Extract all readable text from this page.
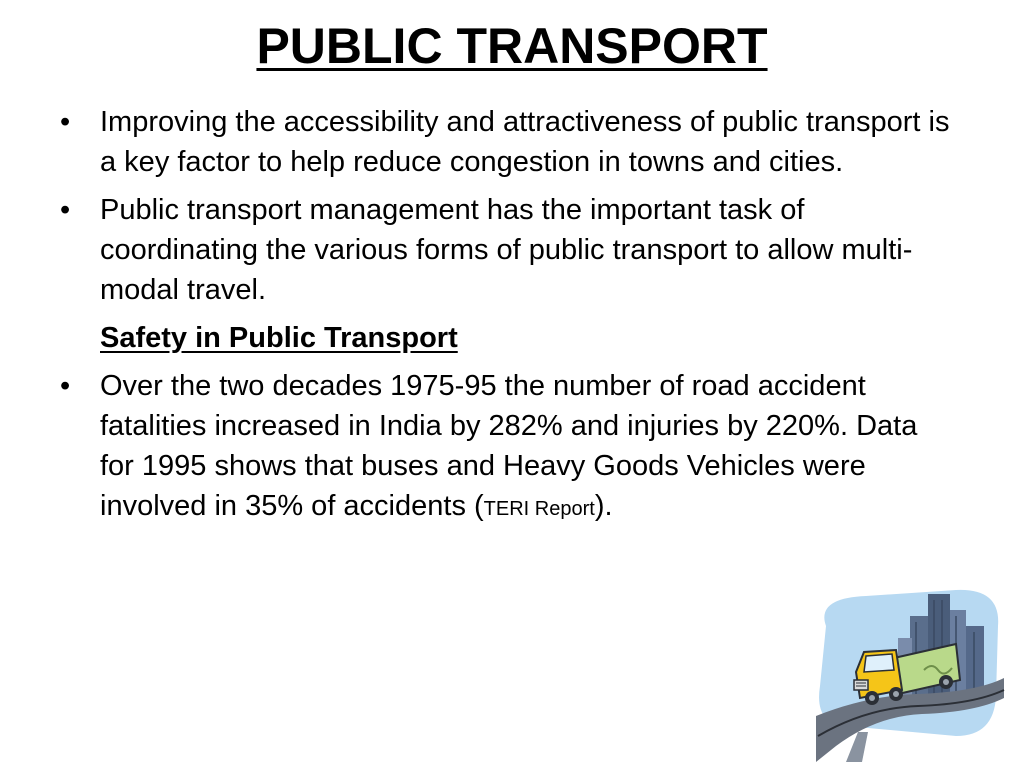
PUBLIC TRANSPORT
• Improving the accessibility and attractiveness of public transport is a key factor to help reduce congestion in towns and cities.
• Public transport management has the important task of coordinating the various forms of public transport to allow multi-modal travel.
Safety in Public Transport
• Over the two decades 1975-95 the number of road accident fatalities increased in India by 282% and injuries by 220%. Data for 1995 shows that buses and Heavy Goods Vehicles were involved in 35% of accidents (TERI Report).
